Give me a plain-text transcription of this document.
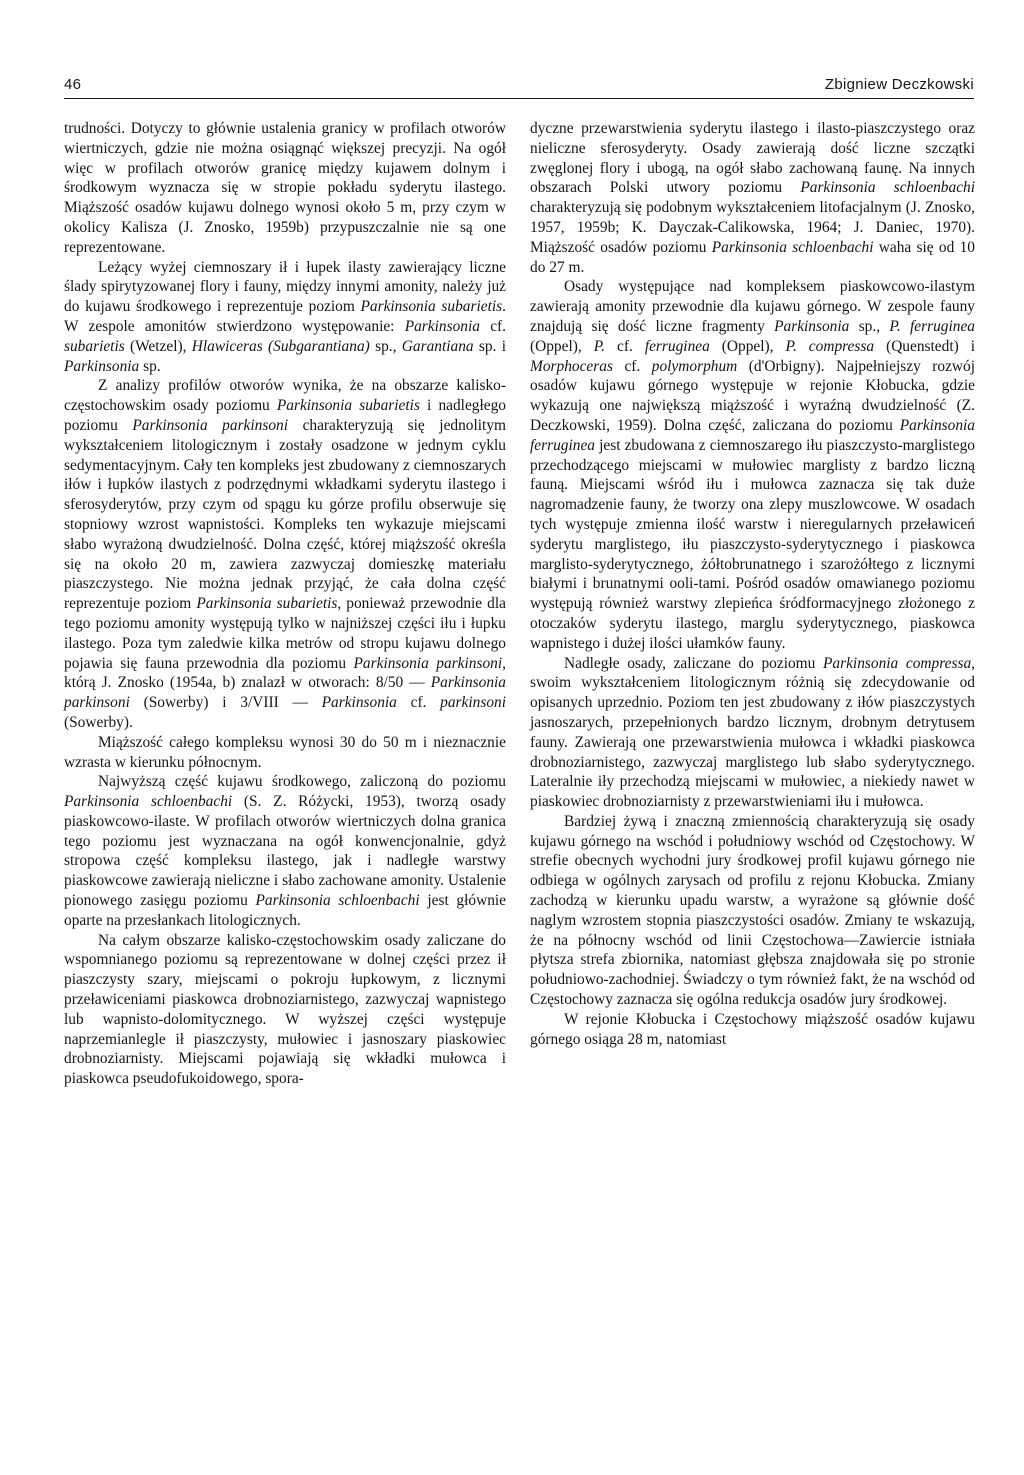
46	Zbigniew Deczkowski

trudności. Dotyczy to głównie ustalenia granicy w profilach otworów wiertniczych, gdzie nie można osiągnąć większej precyzji. Na ogół więc w profilach otworów granicę między kujawem dolnym i środkowym wyznacza się w stropie pokładu syderytu ilastego. Miąższość osadów kujawu dolnego wynosi około 5 m, przy czym w okolicy Kalisza (J. Znosko, 1959b) przypuszczalnie nie są one reprezentowane.

Leżący wyżej ciemnoszary ił i łupek ilasty zawierający liczne ślady spirytyzowanej flory i fauny, między innymi amonity, należy już do kujawu środkowego i reprezentuje poziom Parkinsonia subarietis. W zespole amonitów stwierdzono występowanie: Parkinsonia cf. subarietis (Wetzel), Hlawiceras (Subgarantiana) sp., Garantiana sp. i Parkinsonia sp.

Z analizy profilów otworów wynika, że na obszarze kalisko-częstochowskim osady poziomu Parkinsonia subarietis i nadległego poziomu Parkinsonia parkinsoni charakteryzują się jednolitym wykształceniem litologicznym i zostały osadzone w jednym cyklu sedymentacyjnym. Cały ten kompleks jest zbudowany z ciemnoszarych iłów i łupków ilastych z podrzędnymi wkładkami syderytu ilastego i sferosyderytów, przy czym od spągu ku górze profilu obserwuje się stopniowy wzrost wapnistości. Kompleks ten wykazuje miejscami słabo wyrażoną dwudzielność. Dolna część, której miąższość określa się na około 20 m, zawiera zazwyczaj domieszkę materiału piaszczystego. Nie można jednak przyjąć, że cała dolna część reprezentuje poziom Parkinsonia subarietis, ponieważ przewodnie dla tego poziomu amonity występują tylko w najniższej części iłu i łupku ilastego. Poza tym zaledwie kilka metrów od stropu kujawu dolnego pojawia się fauna przewodnia dla poziomu Parkinsonia parkinsoni, którą J. Znosko (1954a, b) znalazł w otworach: 8/50 — Parkinsonia parkinsoni (Sowerby) i 3/VIII — Parkinsonia cf. parkinsoni (Sowerby).

Miąższość całego kompleksu wynosi 30 do 50 m i nieznacznie wzrasta w kierunku północnym.

Najwyższą część kujawu środkowego, zaliczoną do poziomu Parkinsonia schloenbachi (S. Z. Różycki, 1953), tworzą osady piaskowcowo-ilaste. W profilach otworów wiertniczych dolna granica tego poziomu jest wyznaczana na ogół konwencjonalnie, gdyż stropowa część kompleksu ilastego, jak i nadległe warstwy piaskowcowe zawierają nieliczne i słabo zachowane amonity. Ustalenie pionowego zasięgu poziomu Parkinsonia schloenbachi jest głównie oparte na przesłankach litologicznych.

Na całym obszarze kalisko-częstochowskim osady zaliczane do wspomnianego poziomu są reprezentowane w dolnej części przez ił piaszczysty szary, miejscami o pokroju łupkowym, z licznymi przeławiceniami piaskowca drobnoziarnistego, zazwyczaj wapnistego lub wapnisto-dolomitycznego. W wyższej części występuje naprzemianlegle ił piaszczysty, mułowiec i jasnoszary piaskowiec drobnoziarnisty. Miejscami pojawiają się wkładki mułowca i piaskowca pseudofukoidowego, spora-

dyczne przewarstwienia syderytu ilastego i ilasto-piaszczystego oraz nieliczne sferosyderyty. Osady zawierają dość liczne szczątki zwęglonej flory i ubogą, na ogół słabo zachowaną faunę. Na innych obszarach Polski utwory poziomu Parkinsonia schloenbachi charakteryzują się podobnym wykształceniem litofacjalnym (J. Znosko, 1957, 1959b; K. Dayczak-Calikowska, 1964; J. Daniec, 1970). Miąższość osadów poziomu Parkinsonia schloenbachi waha się od 10 do 27 m.

Osady występujące nad kompleksem piaskowcowo-ilastym zawierają amonity przewodnie dla kujawu górnego. W zespole fauny znajdują się dość liczne fragmenty Parkinsonia sp., P. ferruginea (Oppel), P. cf. ferruginea (Oppel), P. compressa (Quenstedt) i Morphoceras cf. polymorphum (d'Orbigny). Najpełniejszy rozwój osadów kujawu górnego występuje w rejonie Kłobucka, gdzie wykazują one największą miąższość i wyraźną dwudzielność (Z. Deczkowski, 1959). Dolna część, zaliczana do poziomu Parkinsonia ferruginea jest zbudowana z ciemnoszarego iłu piaszczysto-marglistego przechodzącego miejscami w mułowiec marglisty z bardzo liczną fauną. Miejscami wśród iłu i mułowca zaznacza się tak duże nagromadzenie fauny, że tworzy ona zlepy muszlowcowe. W osadach tych występuje zmienna ilość warstw i nieregularnych przeławiceń syderytu marglistego, iłu piaszczysto-syderytycznego i piaskowca marglisto-syderytycznego, żółtobrunatnego i szarożółtego z licznymi białymi i brunatnymi ooli-tami. Pośród osadów omawianego poziomu występują również warstwy zlepieńca śródformacyjnego złożonego z otoczaków syderytu ilastego, marglu syderytycznego, piaskowca wapnistego i dużej ilości ułamków fauny.

Nadległe osady, zaliczane do poziomu Parkinsonia compressa, swoim wykształceniem litologicznym różnią się zdecydowanie od opisanych uprzednio. Poziom ten jest zbudowany z iłów piaszczystych jasnoszarych, przepełnionych bardzo licznym, drobnym detrytusem fauny. Zawierają one przewarstwienia mułowca i wkładki piaskowca drobnoziarnistego, zazwyczaj marglistego lub słabo syderytycznego. Lateralnie iły przechodzą miejscami w mułowiec, a niekiedy nawet w piaskowiec drobnoziarnisty z przewarstwieniami iłu i mułowca.

Bardziej żywą i znaczną zmiennością charakteryzują się osady kujawu górnego na wschód i południowy wschód od Częstochowy. W strefie obecnych wychodni jury środkowej profil kujawu górnego nie odbiega w ogólnych zarysach od profilu z rejonu Kłobucka. Zmiany zachodzą w kierunku upadu warstw, a wyrażone są głównie dość naglym wzrostem stopnia piaszczystości osadów. Zmiany te wskazują, że na północny wschód od linii Częstochowa—Zawiercie istniała płytsza strefa zbiornika, natomiast głębsza znajdowała się po stronie południowo-zachodniej. Świadczy o tym również fakt, że na wschód od Częstochowy zaznacza się ogólna redukcja osadów jury środkowej.

W rejonie Kłobucka i Częstochowy miąższość osadów kujawu górnego osiąga 28 m, natomiast
